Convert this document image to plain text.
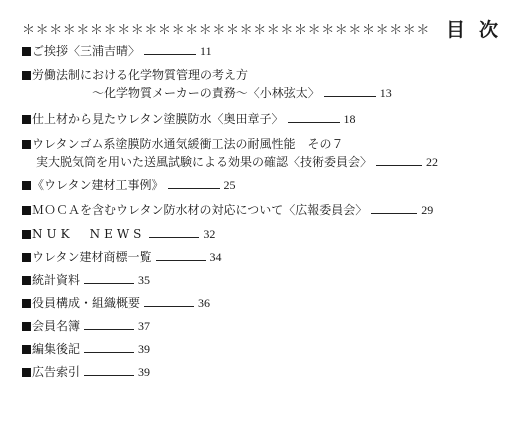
＊＊＊＊＊＊＊＊＊＊＊＊＊＊＊＊＊＊＊＊＊＊＊＊＊＊＊＊＊＊ 目次
ご挨拶〈三浦吉晴〉	11
労働法制における化学物質管理の考え方
〜化学物質メーカーの責務〜〈小林弦太〉	13
仕上材から見たウレタン塗膜防水〈奥田章子〉	18
ウレタンゴム系塗膜防水通気緩衝工法の耐風性能　その７
実大脱気筒を用いた送風試験による効果の確認〈技術委員会〉	22
《ウレタン建材工事例》	25
ＭＯＣＡを含むウレタン防水材の対応について〈広報委員会〉	29
NUK　NEWS	32
ウレタン建材商標一覧	34
統計資料	35
役員構成・組織概要	36
会員名簿	37
編集後記	39
広告索引	39
